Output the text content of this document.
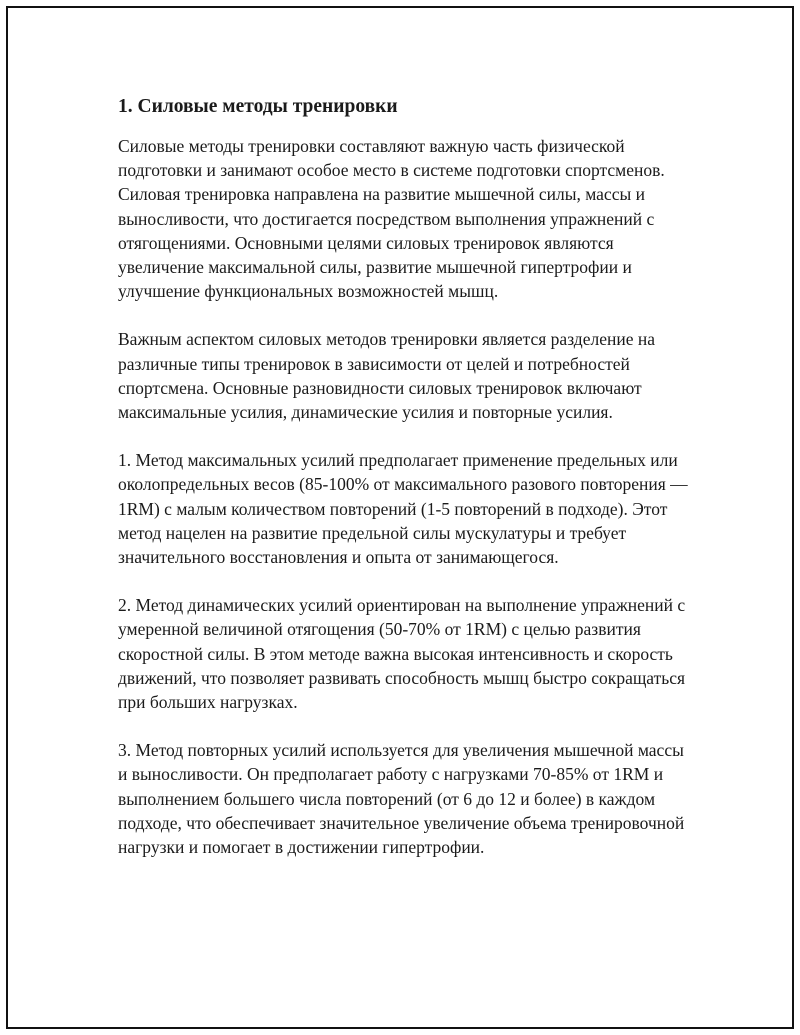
1. Силовые методы тренировки

Силовые методы тренировки составляют важную часть физической подготовки и занимают особое место в системе подготовки спортсменов. Силовая тренировка направлена на развитие мышечной силы, массы и выносливости, что достигается посредством выполнения упражнений с отягощениями. Основными целями силовых тренировок являются увеличение максимальной силы, развитие мышечной гипертрофии и улучшение функциональных возможностей мышц.

Важным аспектом силовых методов тренировки является разделение на различные типы тренировок в зависимости от целей и потребностей спортсмена. Основные разновидности силовых тренировок включают максимальные усилия, динамические усилия и повторные усилия.

1. Метод максимальных усилий предполагает применение предельных или околопредельных весов (85-100% от максимального разового повторения — 1RM) с малым количеством повторений (1-5 повторений в подходе). Этот метод нацелен на развитие предельной силы мускулатуры и требует значительного восстановления и опыта от занимающегося.

2. Метод динамических усилий ориентирован на выполнение упражнений с умеренной величиной отягощения (50-70% от 1RM) с целью развития скоростной силы. В этом методе важна высокая интенсивность и скорость движений, что позволяет развивать способность мышц быстро сокращаться при больших нагрузках.

3. Метод повторных усилий используется для увеличения мышечной массы и выносливости. Он предполагает работу с нагрузками 70-85% от 1RM и выполнением большего числа повторений (от 6 до 12 и более) в каждом подходе, что обеспечивает значительное увеличение объема тренировочной нагрузки и помогает в достижении гипертрофии.
